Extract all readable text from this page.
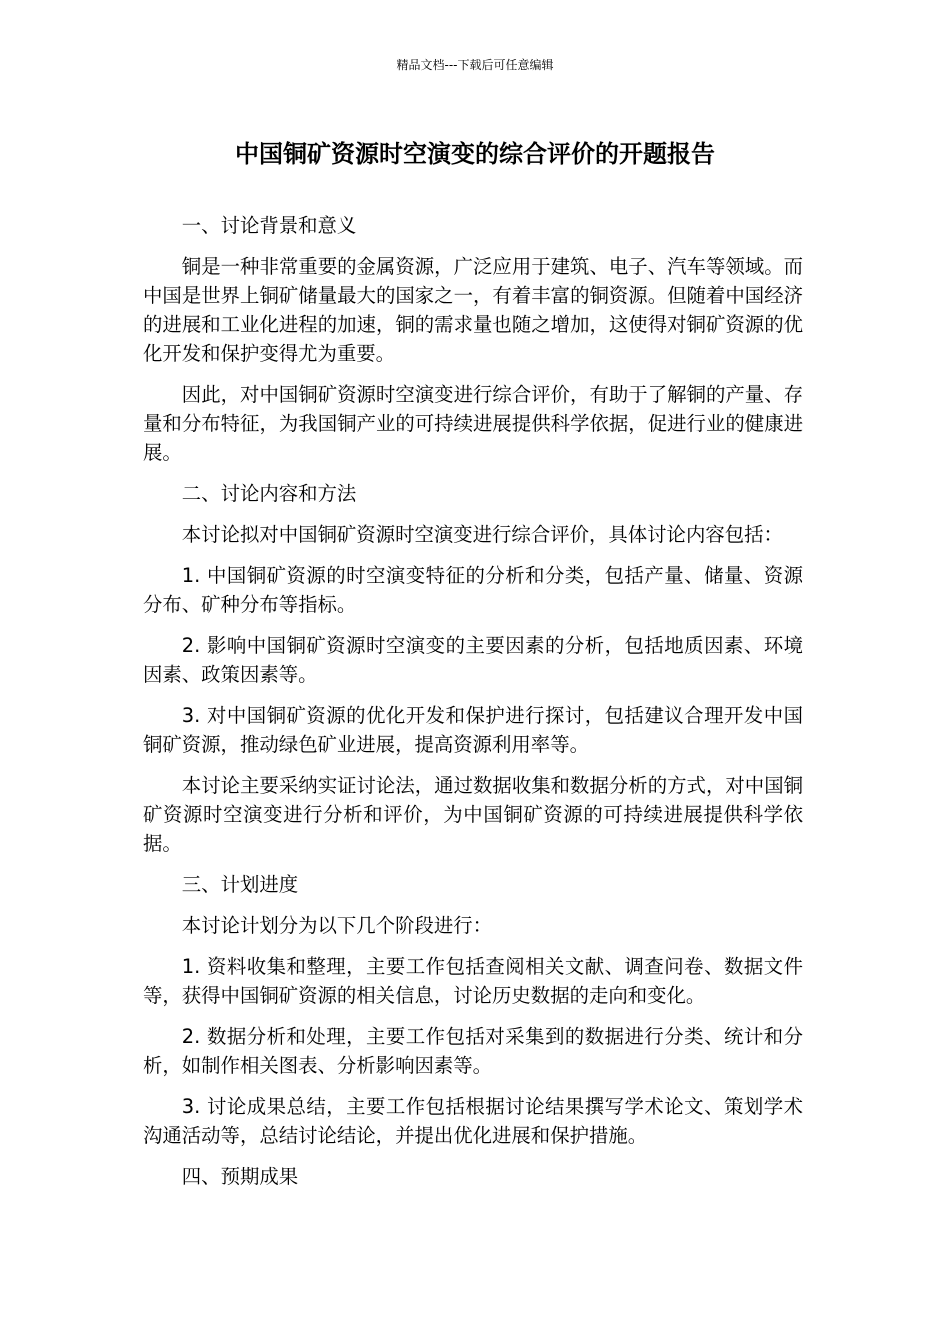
精品文档---下载后可任意编辑
中国铜矿资源时空演变的综合评价的开题报告

一、讨论背景和意义

铜是一种非常重要的金属资源，广泛应用于建筑、电子、汽车等领域。而中国是世界上铜矿储量最大的国家之一，有着丰富的铜资源。但随着中国经济的进展和工业化进程的加速，铜的需求量也随之增加，这使得对铜矿资源的优化开发和保护变得尤为重要。

因此，对中国铜矿资源时空演变进行综合评价，有助于了解铜的产量、存量和分布特征，为我国铜产业的可持续进展提供科学依据，促进行业的健康进展。

二、讨论内容和方法

本讨论拟对中国铜矿资源时空演变进行综合评价，具体讨论内容包括：

1. 中国铜矿资源的时空演变特征的分析和分类，包括产量、储量、资源分布、矿种分布等指标。

2. 影响中国铜矿资源时空演变的主要因素的分析，包括地质因素、环境因素、政策因素等。

3. 对中国铜矿资源的优化开发和保护进行探讨，包括建议合理开发中国铜矿资源，推动绿色矿业进展，提高资源利用率等。

本讨论主要采纳实证讨论法，通过数据收集和数据分析的方式，对中国铜矿资源时空演变进行分析和评价，为中国铜矿资源的可持续进展提供科学依据。

三、计划进度

本讨论计划分为以下几个阶段进行：

1. 资料收集和整理，主要工作包括查阅相关文献、调查问卷、数据文件等，获得中国铜矿资源的相关信息，讨论历史数据的走向和变化。

2. 数据分析和处理，主要工作包括对采集到的数据进行分类、统计和分析，如制作相关图表、分析影响因素等。

3. 讨论成果总结，主要工作包括根据讨论结果撰写学术论文、策划学术沟通活动等，总结讨论结论，并提出优化进展和保护措施。

四、预期成果
